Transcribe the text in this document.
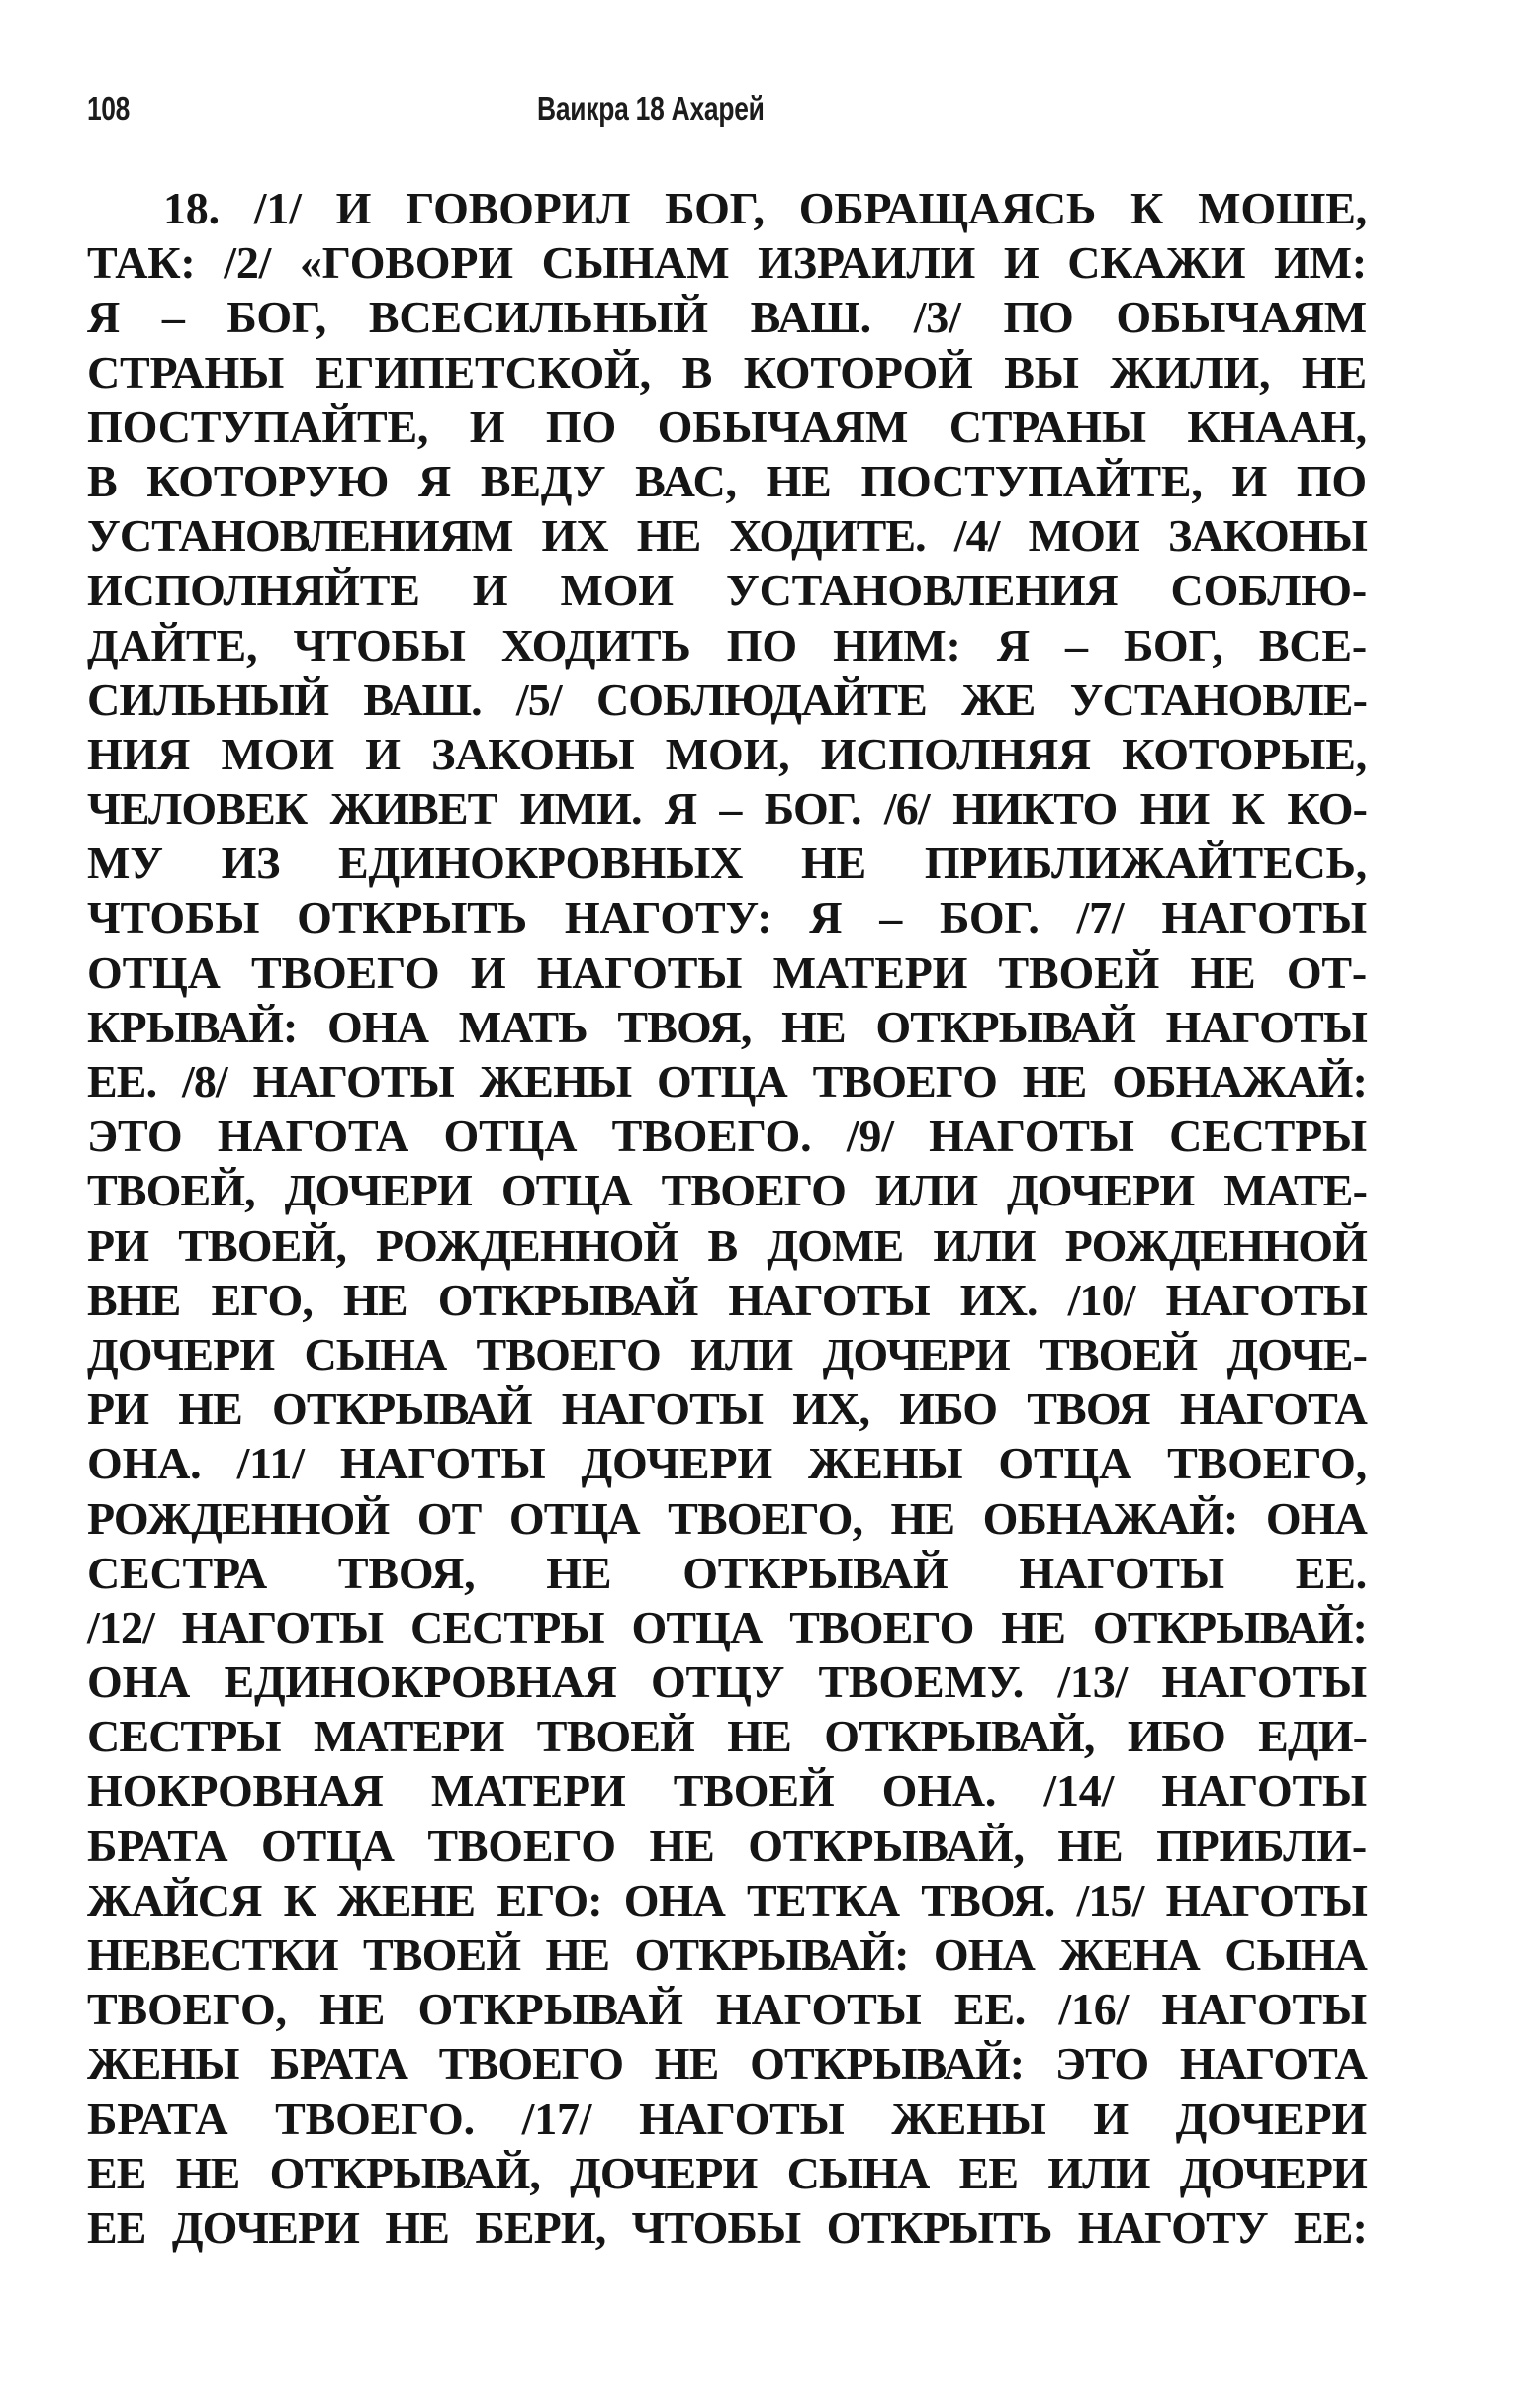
108	Ваикра 18 Ахарей
18. /1/ И ГОВОРИЛ БОГ, ОБРАЩАЯСЬ К МОШЕ,
ТАК: /2/ «ГОВОРИ СЫНАМ ИЗРАИЛИ И СКАЖИ ИМ:
Я – БОГ, ВСЕСИЛЬНЫЙ ВАШ. /3/ ПО ОБЫЧАЯМ
СТРАНЫ ЕГИПЕТСКОЙ, В КОТОРОЙ ВЫ ЖИЛИ, НЕ
ПОСТУПАЙТЕ, И ПО ОБЫЧАЯМ СТРАНЫ КНААН,
В КОТОРУЮ Я ВЕДУ ВАС, НЕ ПОСТУПАЙТЕ, И ПО
УСТАНОВЛЕНИЯМ ИХ НЕ ХОДИТЕ. /4/ МОИ ЗАКОНЫ
ИСПОЛНЯЙТЕ И МОИ УСТАНОВЛЕНИЯ СОБЛЮ-
ДАЙТЕ, ЧТОБЫ ХОДИТЬ ПО НИМ: Я – БОГ, ВСЕ-
СИЛЬНЫЙ ВАШ. /5/ СОБЛЮДАЙТЕ ЖЕ УСТАНОВЛЕ-
НИЯ МОИ И ЗАКОНЫ МОИ, ИСПОЛНЯЯ КОТОРЫЕ,
ЧЕЛОВЕК ЖИВЕТ ИМИ. Я – БОГ. /6/ НИКТО НИ К КО-
МУ ИЗ ЕДИНОКРОВНЫХ НЕ ПРИБЛИЖАЙТЕСЬ,
ЧТОБЫ ОТКРЫТЬ НАГОТУ: Я – БОГ. /7/ НАГОТЫ
ОТЦА ТВОЕГО И НАГОТЫ МАТЕРИ ТВОЕЙ НЕ ОТ-
КРЫВАЙ: ОНА МАТЬ ТВОЯ, НЕ ОТКРЫВАЙ НАГОТЫ
ЕЕ. /8/ НАГОТЫ ЖЕНЫ ОТЦА ТВОЕГО НЕ ОБНАЖАЙ:
ЭТО НАГОТА ОТЦА ТВОЕГО. /9/ НАГОТЫ СЕСТРЫ
ТВОЕЙ, ДОЧЕРИ ОТЦА ТВОЕГО ИЛИ ДОЧЕРИ МАТЕ-
РИ ТВОЕЙ, РОЖДЕННОЙ В ДОМЕ ИЛИ РОЖДЕННОЙ
ВНЕ ЕГО, НЕ ОТКРЫВАЙ НАГОТЫ ИХ. /10/ НАГОТЫ
ДОЧЕРИ СЫНА ТВОЕГО ИЛИ ДОЧЕРИ ТВОЕЙ ДОЧЕ-
РИ НЕ ОТКРЫВАЙ НАГОТЫ ИХ, ИБО ТВОЯ НАГОТА
ОНА. /11/ НАГОТЫ ДОЧЕРИ ЖЕНЫ ОТЦА ТВОЕГО,
РОЖДЕННОЙ ОТ ОТЦА ТВОЕГО, НЕ ОБНАЖАЙ: ОНА
СЕСТРА ТВОЯ, НЕ ОТКРЫВАЙ НАГОТЫ ЕЕ.
/12/ НАГОТЫ СЕСТРЫ ОТЦА ТВОЕГО НЕ ОТКРЫВАЙ:
ОНА ЕДИНОКРОВНАЯ ОТЦУ ТВОЕМУ. /13/ НАГОТЫ
СЕСТРЫ МАТЕРИ ТВОЕЙ НЕ ОТКРЫВАЙ, ИБО ЕДИ-
НОКРОВНАЯ МАТЕРИ ТВОЕЙ ОНА. /14/ НАГОТЫ
БРАТА ОТЦА ТВОЕГО НЕ ОТКРЫВАЙ, НЕ ПРИБЛИ-
ЖАЙСЯ К ЖЕНЕ ЕГО: ОНА ТЕТКА ТВОЯ. /15/ НАГОТЫ
НЕВЕСТКИ ТВОЕЙ НЕ ОТКРЫВАЙ: ОНА ЖЕНА СЫНА
ТВОЕГО, НЕ ОТКРЫВАЙ НАГОТЫ ЕЕ. /16/ НАГОТЫ
ЖЕНЫ БРАТА ТВОЕГО НЕ ОТКРЫВАЙ: ЭТО НАГОТА
БРАТА ТВОЕГО. /17/ НАГОТЫ ЖЕНЫ И ДОЧЕРИ
ЕЕ НЕ ОТКРЫВАЙ, ДОЧЕРИ СЫНА ЕЕ ИЛИ ДОЧЕРИ
ЕЕ ДОЧЕРИ НЕ БЕРИ, ЧТОБЫ ОТКРЫТЬ НАГОТУ ЕЕ:
